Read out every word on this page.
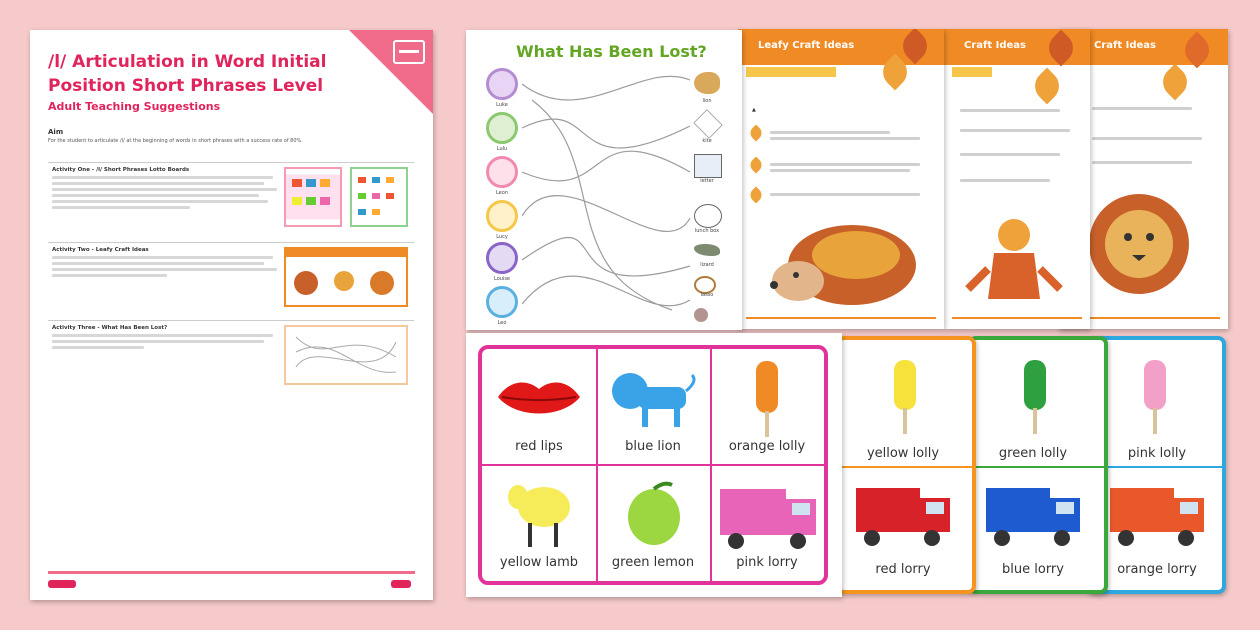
/l/ Articulation in Word Initial Position Short Phrases Level
Adult Teaching Suggestions
Aim
For the student to articulate /l/ at the beginning of words in short phrases with a success rate of 80%.
Activity One - /l/ Short Phrases Lotto Boards
Activity Two - Leafy Craft Ideas
Activity Three - What Has Been Lost?
Craft Ideas
Craft Ideas
Leafy Craft Ideas
▲
What Has Been Lost?
Luke
Lulu
Leon
Lucy
Louise
Leo
lion
kite
letter
lunch box
lizard
lasso
pink lolly
orange lorry
green lolly
blue lorry
yellow lolly
red lorry
red lips	blue lion	orange lolly
yellow lamb	green lemon	pink lorry
